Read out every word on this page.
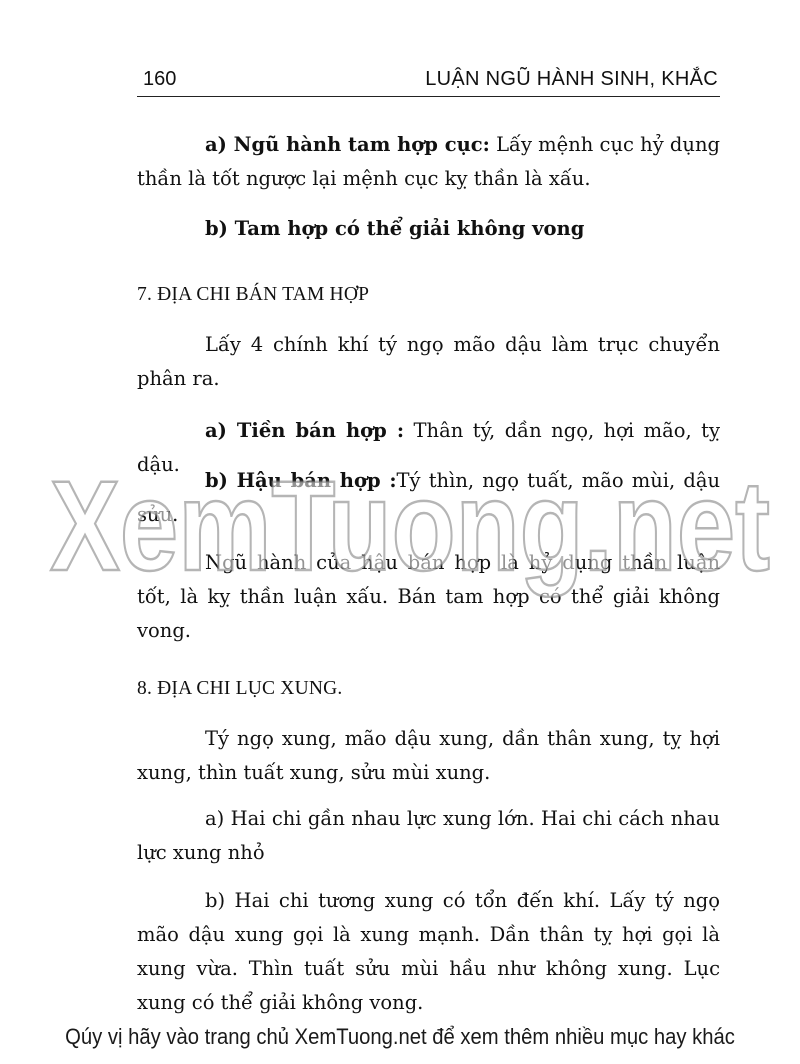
160	LUẬN NGŨ HÀNH SINH, KHẮC
a) Ngũ hành tam hợp cục: Lấy mệnh cục hỷ dụng thần là tốt ngược lại mệnh cục kỵ thần là xấu.
b) Tam hợp có thể giải không vong
7. ĐỊA CHI BÁN TAM HỢP
Lấy 4 chính khí tý ngọ mão dậu làm trục chuyển phân ra.
a) Tiền bán hợp : Thân tý, dần ngọ, hợi mão, tỵ dậu.
b) Hậu bán hợp :Tý thìn, ngọ tuất, mão mùi, dậu sửu.
Ngũ hành của hậu bán hợp là hỷ dụng thần luận tốt, là kỵ thần luận xấu. Bán tam hợp có thể giải không vong.
8. ĐỊA CHI LỤC XUNG.
Tý ngọ xung, mão dậu xung, dần thân xung, tỵ hợi xung, thìn tuất xung, sửu mùi xung.
a) Hai chi gần nhau lực xung lớn. Hai chi cách nhau lực xung nhỏ
b) Hai chi tương xung có tổn đến khí. Lấy tý ngọ mão dậu xung gọi là xung mạnh. Dần thân tỵ hợi gọi là xung vừa. Thìn tuất sửu mùi hầu như không xung. Lục xung có thể giải không vong.
XemTuong.net
Qúy vị hãy vào trang chủ XemTuong.net để xem thêm nhiều mục hay khác
